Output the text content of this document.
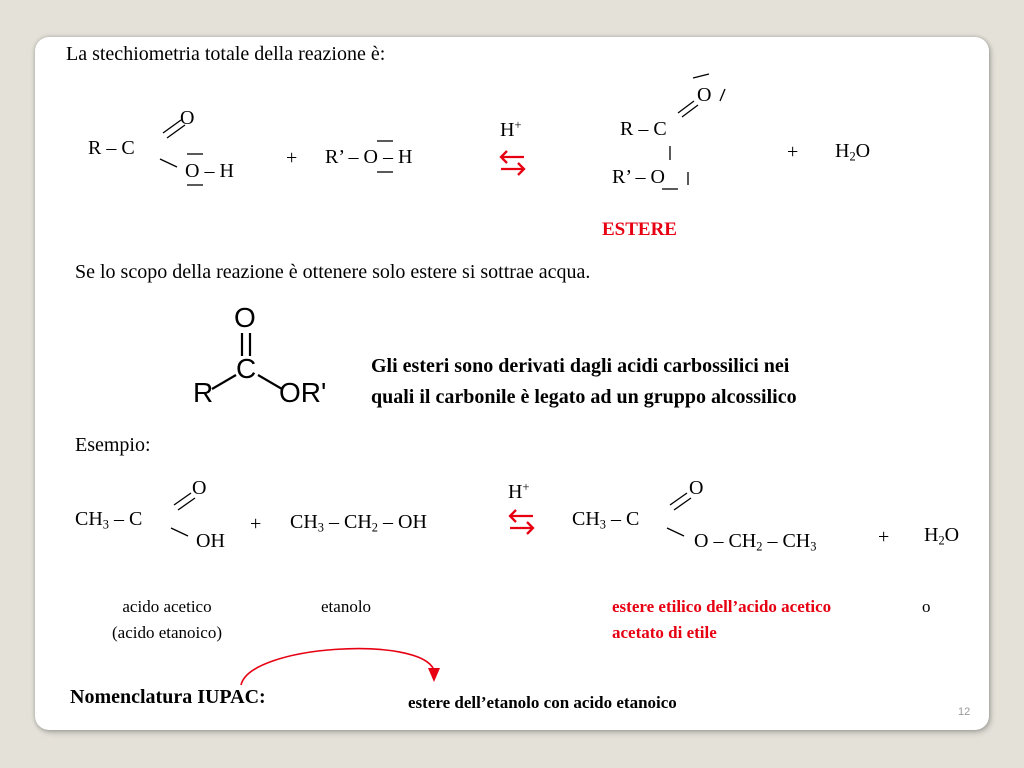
La stechiometria totale della reazione è:
O
R – C
O – H
+ R’ – O – H
H+
O
R – C
R’ – O
+ $H_2O$
ESTERE
Se lo scopo della reazione è ottenere solo estere si sottrae acqua.
O
C
R OR'
Gli esteri sono derivati dagli acidi carbossilici nei
quali il carbonile è legato ad un gruppo alcossilico
Esempio:
O
$CH_3$ – C
OH
+ $CH_3 - CH_2$ – OH
H+	O
$CH_3$ – C
O – $CH_2 - CH_3$	+ $H_2O$
acido acetico
(acido etanoico)
etanolo	estere etilico dell’acido acetico	o
acetato di etile
Nomenclatura IUPAC:	estere dell’etanolo con acido etanoico	12
